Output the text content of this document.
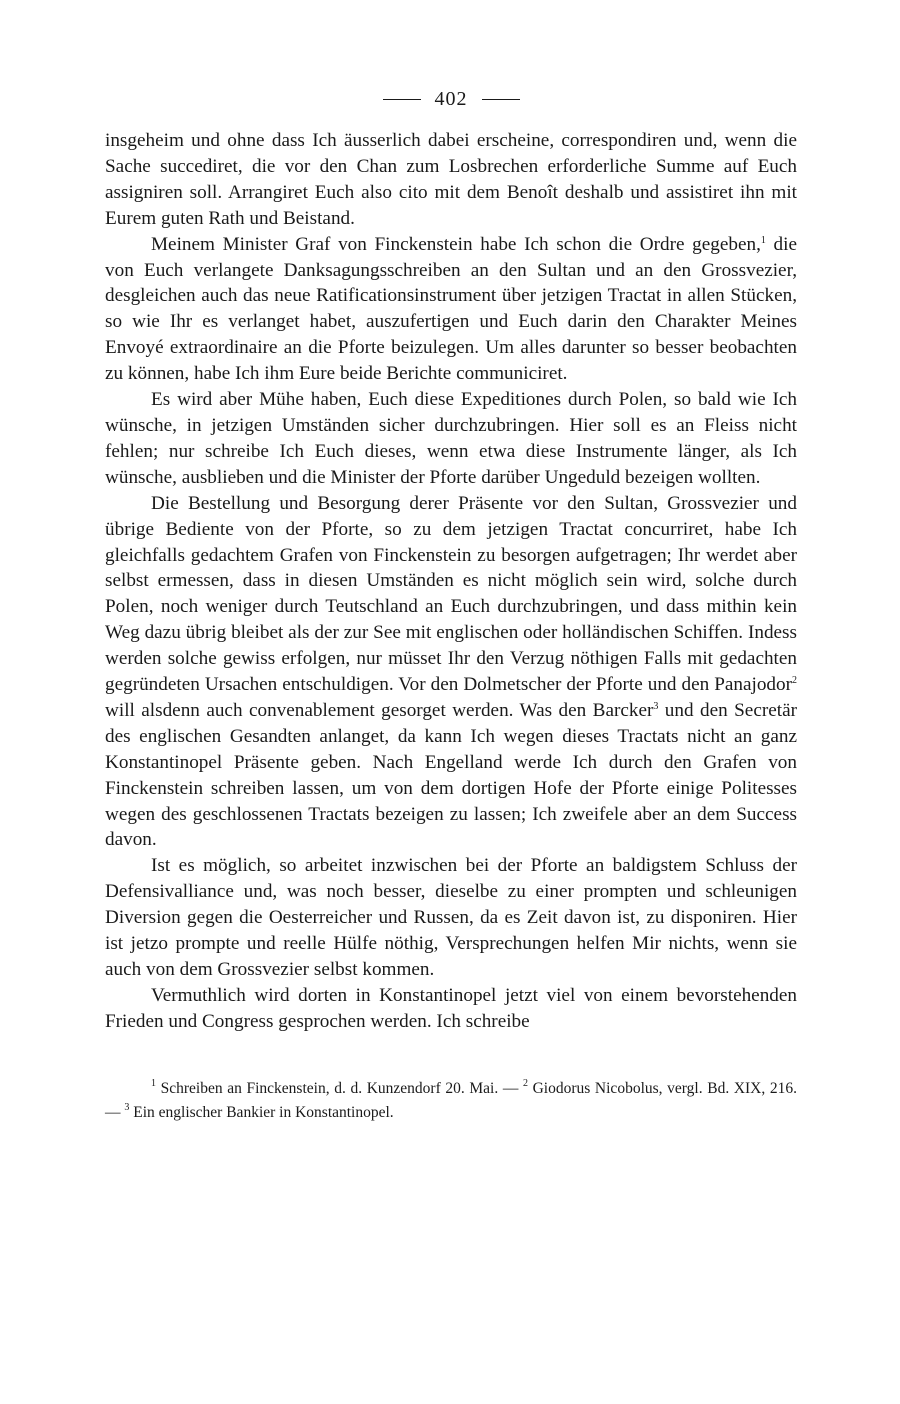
402

insgeheim und ohne dass Ich äusserlich dabei erscheine, correspondiren und, wenn die Sache succediret, die vor den Chan zum Losbrechen erforderliche Summe auf Euch assigniren soll. Arrangiret Euch also cito mit dem Benoît deshalb und assistiret ihn mit Eurem guten Rath und Beistand.

Meinem Minister Graf von Finckenstein habe Ich schon die Ordre gegeben,$^1$ die von Euch verlangete Danksagungsschreiben an den Sultan und an den Grossvezier, desgleichen auch das neue Ratificationsinstrument über jetzigen Tractat in allen Stücken, so wie Ihr es verlanget habet, auszufertigen und Euch darin den Charakter Meines Envoyé extraordinaire an die Pforte beizulegen. Um alles darunter so besser beobachten zu können, habe Ich ihm Eure beide Berichte communiciret.

Es wird aber Mühe haben, Euch diese Expeditiones durch Polen, so bald wie Ich wünsche, in jetzigen Umständen sicher durchzubringen. Hier soll es an Fleiss nicht fehlen; nur schreibe Ich Euch dieses, wenn etwa diese Instrumente länger, als Ich wünsche, ausblieben und die Minister der Pforte darüber Ungeduld bezeigen wollten.

Die Bestellung und Besorgung derer Präsente vor den Sultan, Grossvezier und übrige Bediente von der Pforte, so zu dem jetzigen Tractat concurriret, habe Ich gleichfalls gedachtem Grafen von Finckenstein zu besorgen aufgetragen; Ihr werdet aber selbst ermessen, dass in diesen Umständen es nicht möglich sein wird, solche durch Polen, noch weniger durch Teutschland an Euch durchzubringen, und dass mithin kein Weg dazu übrig bleibet als der zur See mit englischen oder holländischen Schiffen. Indess werden solche gewiss erfolgen, nur müsset Ihr den Verzug nöthigen Falls mit gedachten gegründeten Ursachen entschuldigen. Vor den Dolmetscher der Pforte und den Panajodor$^2$ will alsdenn auch convenablement gesorget werden. Was den Barcker$^3$ und den Secretär des englischen Gesandten anlanget, da kann Ich wegen dieses Tractats nicht an ganz Konstantinopel Präsente geben. Nach Engelland werde Ich durch den Grafen von Finckenstein schreiben lassen, um von dem dortigen Hofe der Pforte einige Politesses wegen des geschlossenen Tractats bezeigen zu lassen; Ich zweifele aber an dem Success davon.

Ist es möglich, so arbeitet inzwischen bei der Pforte an baldigstem Schluss der Defensivalliance und, was noch besser, dieselbe zu einer prompten und schleunigen Diversion gegen die Oesterreicher und Russen, da es Zeit davon ist, zu disponiren. Hier ist jetzo prompte und reelle Hülfe nöthig, Versprechungen helfen Mir nichts, wenn sie auch von dem Grossvezier selbst kommen.

Vermuthlich wird dorten in Konstantinopel jetzt viel von einem bevorstehenden Frieden und Congress gesprochen werden. Ich schreibe

$^1$ Schreiben an Finckenstein, d. d. Kunzendorf 20. Mai. — $^2$ Giodorus Nicobolus, vergl. Bd. XIX, 216. — $^3$ Ein englischer Bankier in Konstantinopel.
